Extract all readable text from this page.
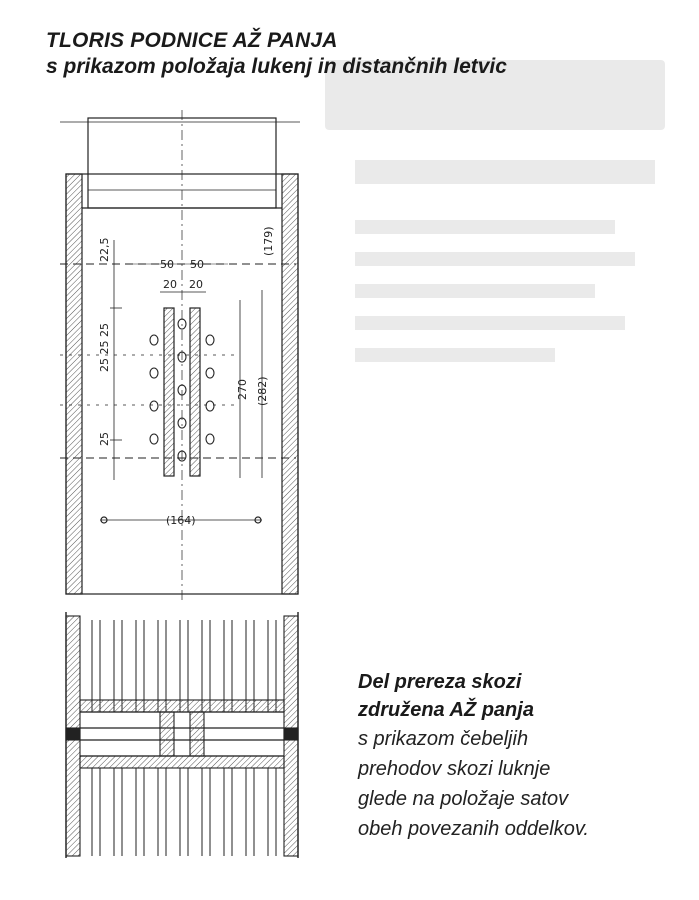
TLORIS PODNICE AŽ PANJA
s prikazom položaja lukenj in distančnih letvic
22,5
50 50
(179)
20 20
25 25 25
270 (282)
25
(164)
Del prereza skozi
združena AŽ panja
s prikazom čebeljih
prehodov skozi luknje
glede na položaje satov
obeh povezanih oddelkov.
